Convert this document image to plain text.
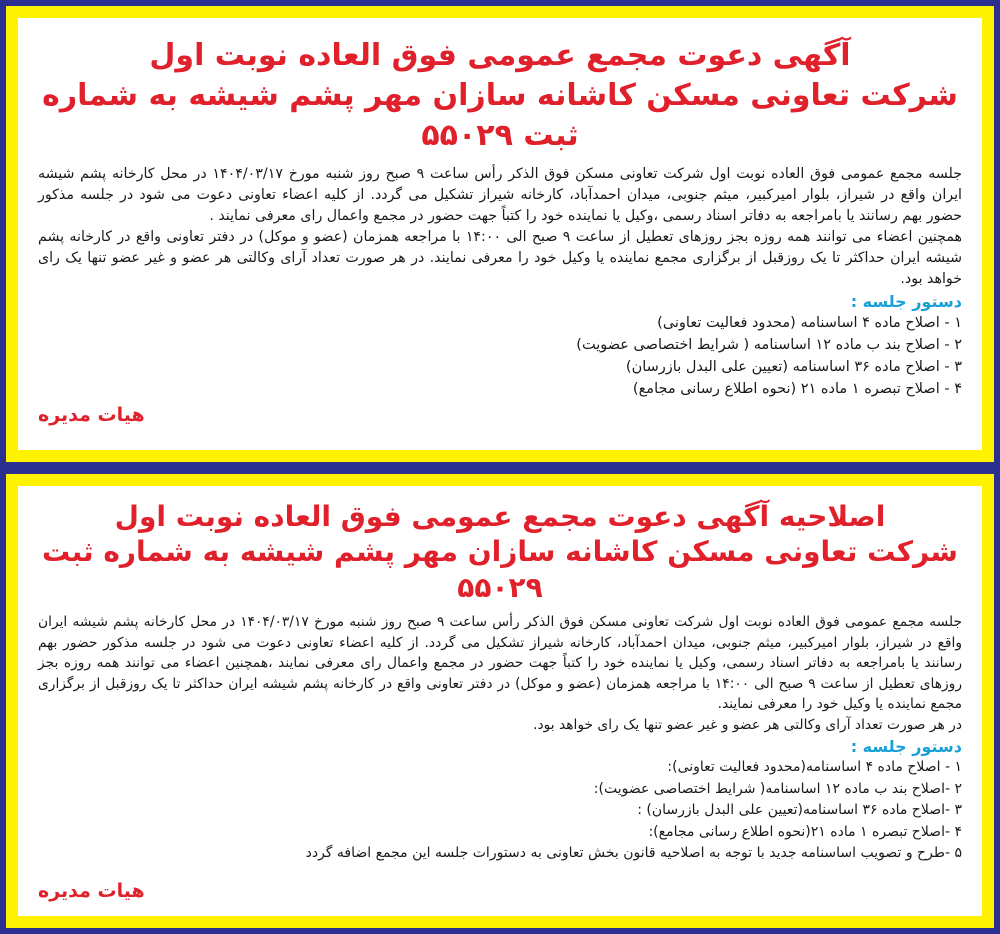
آگهی دعوت مجمع عمومی فوق العاده نوبت اول
شرکت تعاونی مسکن کاشانه سازان مهر پشم شیشه به شماره ثبت ۵۵۰۲۹
جلسه مجمع عمومی فوق العاده نوبت اول شرکت تعاونی مسکن فوق الذکر رأس ساعت ۹ صبح روز شنبه مورخ ۱۴۰۴/۰۳/۱۷ در محل کارخانه پشم شیشه ایران واقع در شیراز، بلوار امیرکبیر، میثم جنوبی، میدان احمدآباد، کارخانه شیراز تشکیل می گردد. از کلیه اعضاء تعاونی دعوت می شود در جلسه مذکور حضور بهم رسانند یا بامراجعه به دفاتر اسناد رسمی ،وکیل یا نماینده خود را کتباً جهت حضور در مجمع واعمال رای معرفی نمایند .
همچنین اعضاء می توانند همه روزه بجز روزهای تعطیل از ساعت ۹ صبح الی ۱۴:۰۰ با مراجعه همزمان (عضو و موکل) در دفتر تعاونی واقع در کارخانه پشم شیشه ایران حداکثر تا یک روزقبل از برگزاری مجمع نماینده یا وکیل خود را معرفی نمایند. در هر صورت تعداد آرای وکالتی هر عضو و غیر عضو تنها یک رای خواهد بود.
دستور جلسه :
۱ - اصلاح ماده ۴ اساسنامه (محدود فعالیت تعاونی)
۲ - اصلاح بند ب ماده ۱۲ اساسنامه ( شرایط اختصاصی عضویت)
۳ - اصلاح ماده ۳۶ اساسنامه (تعیین علی البدل بازرسان)
۴ - اصلاح تبصره ۱ ماده ۲۱ (نحوه اطلاع رسانی مجامع)
هیات مدیره
اصلاحیه آگهی دعوت مجمع عمومی فوق العاده نوبت اول
شرکت تعاونی مسکن کاشانه سازان مهر پشم شیشه به شماره ثبت ۵۵۰۲۹
جلسه مجمع عمومی فوق العاده نوبت اول شرکت تعاونی مسکن فوق الذکر رأس ساعت ۹ صبح روز شنبه مورخ ۱۴۰۴/۰۳/۱۷ در محل کارخانه پشم شیشه ایران واقع در شیراز، بلوار امیرکبیر، میثم جنوبی، میدان احمدآباد، کارخانه شیراز تشکیل می گردد. از کلیه اعضاء تعاونی دعوت می شود در جلسه مذکور حضور بهم رسانند یا بامراجعه به دفاتر اسناد رسمی، وکیل یا نماینده خود را کتباً جهت حضور در مجمع واعمال رای معرفی نمایند ،همچنین اعضاء می توانند همه روزه بجز روزهای تعطیل از ساعت ۹ صبح الی ۱۴:۰۰ با مراجعه همزمان (عضو و موکل) در دفتر تعاونی واقع در کارخانه پشم شیشه ایران حداکثر تا یک روزقبل از برگزاری مجمع نماینده یا وکیل خود را معرفی نمایند.
در هر صورت تعداد آرای وکالتی هر عضو و غیر عضو تنها یک رای خواهد بود.
دستور جلسه :
۱ - اصلاح ماده ۴ اساسنامه(محدود فعالیت تعاونی):
۲ -اصلاح بند ب ماده ۱۲ اساسنامه( شرایط اختصاصی عضویت):
۳ -اصلاح ماده ۳۶ اساسنامه(تعیین علی البدل بازرسان) :
۴ -اصلاح تبصره ۱ ماده ۲۱(نحوه اطلاع رسانی مجامع):
۵ -طرح و تصویب اساسنامه جدید با توجه به اصلاحیه قانون بخش تعاونی به دستورات جلسه این مجمع اضافه گردد
هیات مدیره
